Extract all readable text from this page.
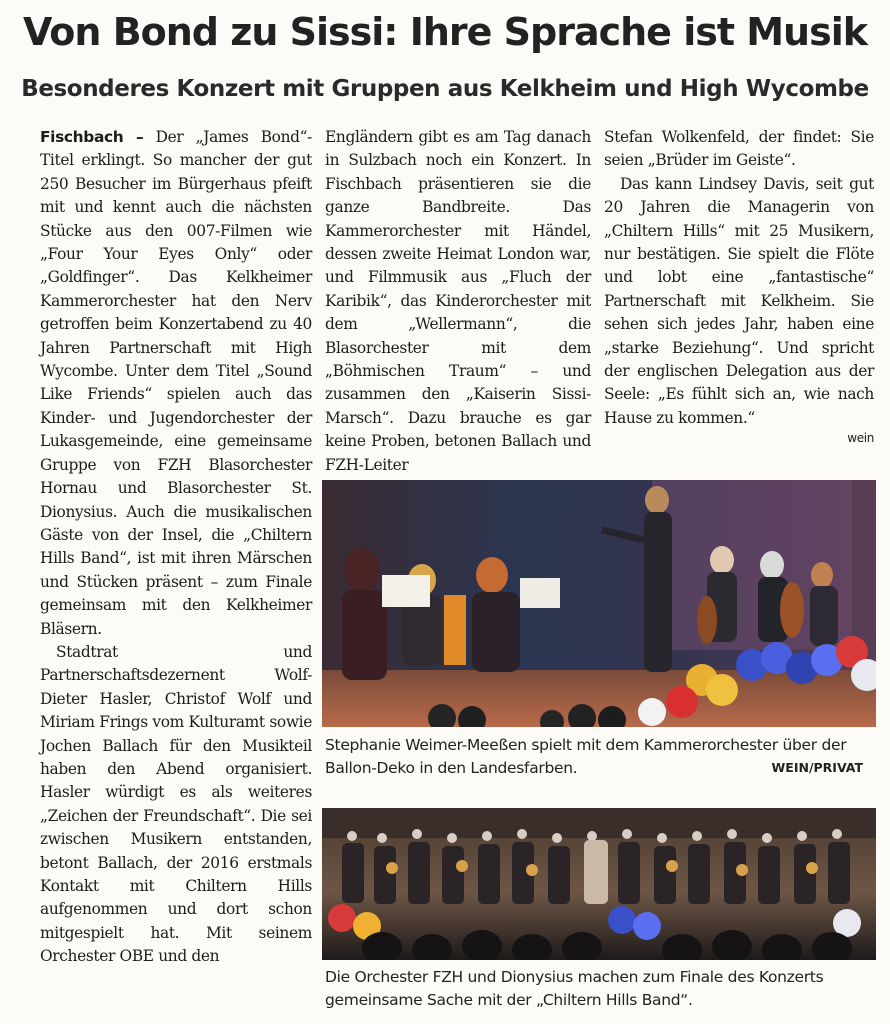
Von Bond zu Sissi: Ihre Sprache ist Musik
Besonderes Konzert mit Gruppen aus Kelkheim und High Wycombe

Fischbach – Der „James Bond“-Titel erklingt. So mancher der gut 250 Besucher im Bürgerhaus pfeift mit und kennt auch die nächsten Stücke aus den 007-Filmen wie „Four Your Eyes Only“ oder „Goldfinger“. Das Kelkheimer Kammerorchester hat den Nerv getroffen beim Konzertabend zu 40 Jahren Partnerschaft mit High Wycombe. Unter dem Titel „Sound Like Friends“ spielen auch das Kinder- und Jugendorchester der Lukasgemeinde, eine gemeinsame Gruppe von FZH Blasorchester Hornau und Blasorchester St. Dionysius. Auch die musikalischen Gäste von der Insel, die „Chiltern Hills Band“, ist mit ihren Märschen und Stücken präsent – zum Finale gemeinsam mit den Kelkheimer Bläsern.

Stadtrat und Partnerschaftsdezernent Wolf-Dieter Hasler, Christof Wolf und Miriam Frings vom Kulturamt sowie Jochen Ballach für den Musikteil haben den Abend organisiert. Hasler würdigt es als weiteres „Zeichen der Freundschaft“. Die sei zwischen Musikern entstanden, betont Ballach, der 2016 erstmals Kontakt mit Chiltern Hills aufgenommen und dort schon mitgespielt hat. Mit seinem Orchester OBE und den

Engländern gibt es am Tag danach in Sulzbach noch ein Konzert. In Fischbach präsentieren sie die ganze Bandbreite. Das Kammerorchester mit Händel, dessen zweite Heimat London war, und Filmmusik aus „Fluch der Karibik“, das Kinderorchester mit dem „Wellermann“, die Blasorchester mit dem „Böhmischen Traum“ – und zusammen den „Kaiserin Sissi-Marsch“. Dazu brauche es gar keine Proben, betonen Ballach und FZH-Leiter

Stefan Wolkenfeld, der findet: Sie seien „Brüder im Geiste“.

Das kann Lindsey Davis, seit gut 20 Jahren die Managerin von „Chiltern Hills“ mit 25 Musikern, nur bestätigen. Sie spielt die Flöte und lobt eine „fantastische“ Partnerschaft mit Kelkheim. Sie sehen sich jedes Jahr, haben eine „starke Beziehung“. Und spricht der englischen Delegation aus der Seele: „Es fühlt sich an, wie nach Hause zu kommen.“

wein
Stephanie Weimer-Meeßen spielt mit dem Kammerorchester über der Ballon-Deko in den Landesfarben.	WEIN/PRIVAT
Die Orchester FZH und Dionysius machen zum Finale des Konzerts gemeinsame Sache mit der „Chiltern Hills Band“.
